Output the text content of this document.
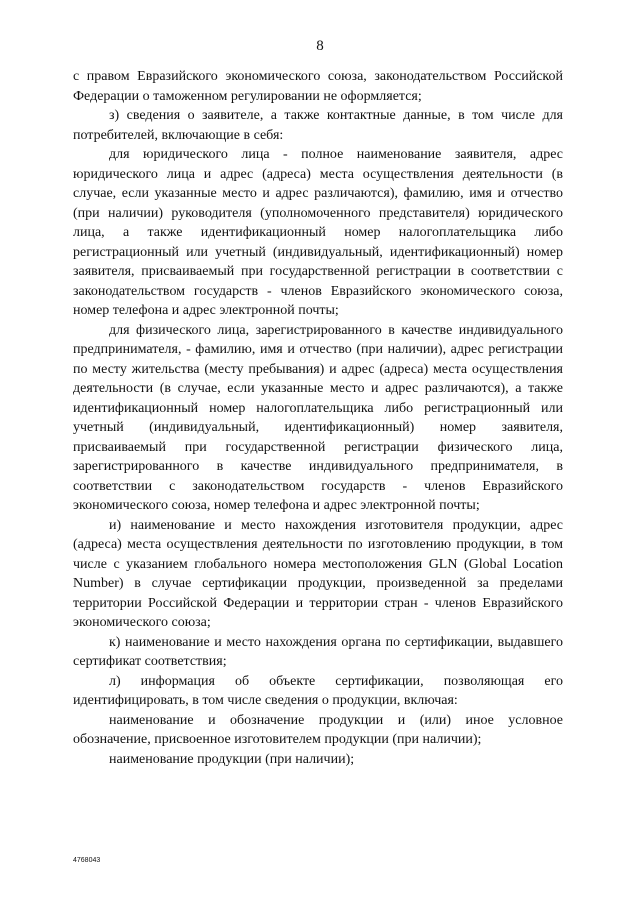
8

с правом Евразийского экономического союза, законодательством Российской Федерации о таможенном регулировании не оформляется;

з) сведения о заявителе, а также контактные данные, в том числе для потребителей, включающие в себя:

для юридического лица - полное наименование заявителя, адрес юридического лица и адрес (адреса) места осуществления деятельности (в случае, если указанные место и адрес различаются), фамилию, имя и отчество (при наличии) руководителя (уполномоченного представителя) юридического лица, а также идентификационный номер налогоплательщика либо регистрационный или учетный (индивидуальный, идентификационный) номер заявителя, присваиваемый при государственной регистрации в соответствии с законодательством государств - членов Евразийского экономического союза, номер телефона и адрес электронной почты;

для физического лица, зарегистрированного в качестве индивидуального предпринимателя, - фамилию, имя и отчество (при наличии), адрес регистрации по месту жительства (месту пребывания) и адрес (адреса) места осуществления деятельности (в случае, если указанные место и адрес различаются), а также идентификационный номер налогоплательщика либо регистрационный или учетный (индивидуальный, идентификационный) номер заявителя, присваиваемый при государственной регистрации физического лица, зарегистрированного в качестве индивидуального предпринимателя, в соответствии с законодательством государств - членов Евразийского экономического союза, номер телефона и адрес электронной почты;

и) наименование и место нахождения изготовителя продукции, адрес (адреса) места осуществления деятельности по изготовлению продукции, в том числе с указанием глобального номера местоположения GLN (Global Location Number) в случае сертификации продукции, произведенной за пределами территории Российской Федерации и территории стран - членов Евразийского экономического союза;

к) наименование и место нахождения органа по сертификации, выдавшего сертификат соответствия;

л) информация об объекте сертификации, позволяющая его идентифицировать, в том числе сведения о продукции, включая:

наименование и обозначение продукции и (или) иное условное обозначение, присвоенное изготовителем продукции (при наличии);

наименование продукции (при наличии);

4768043
